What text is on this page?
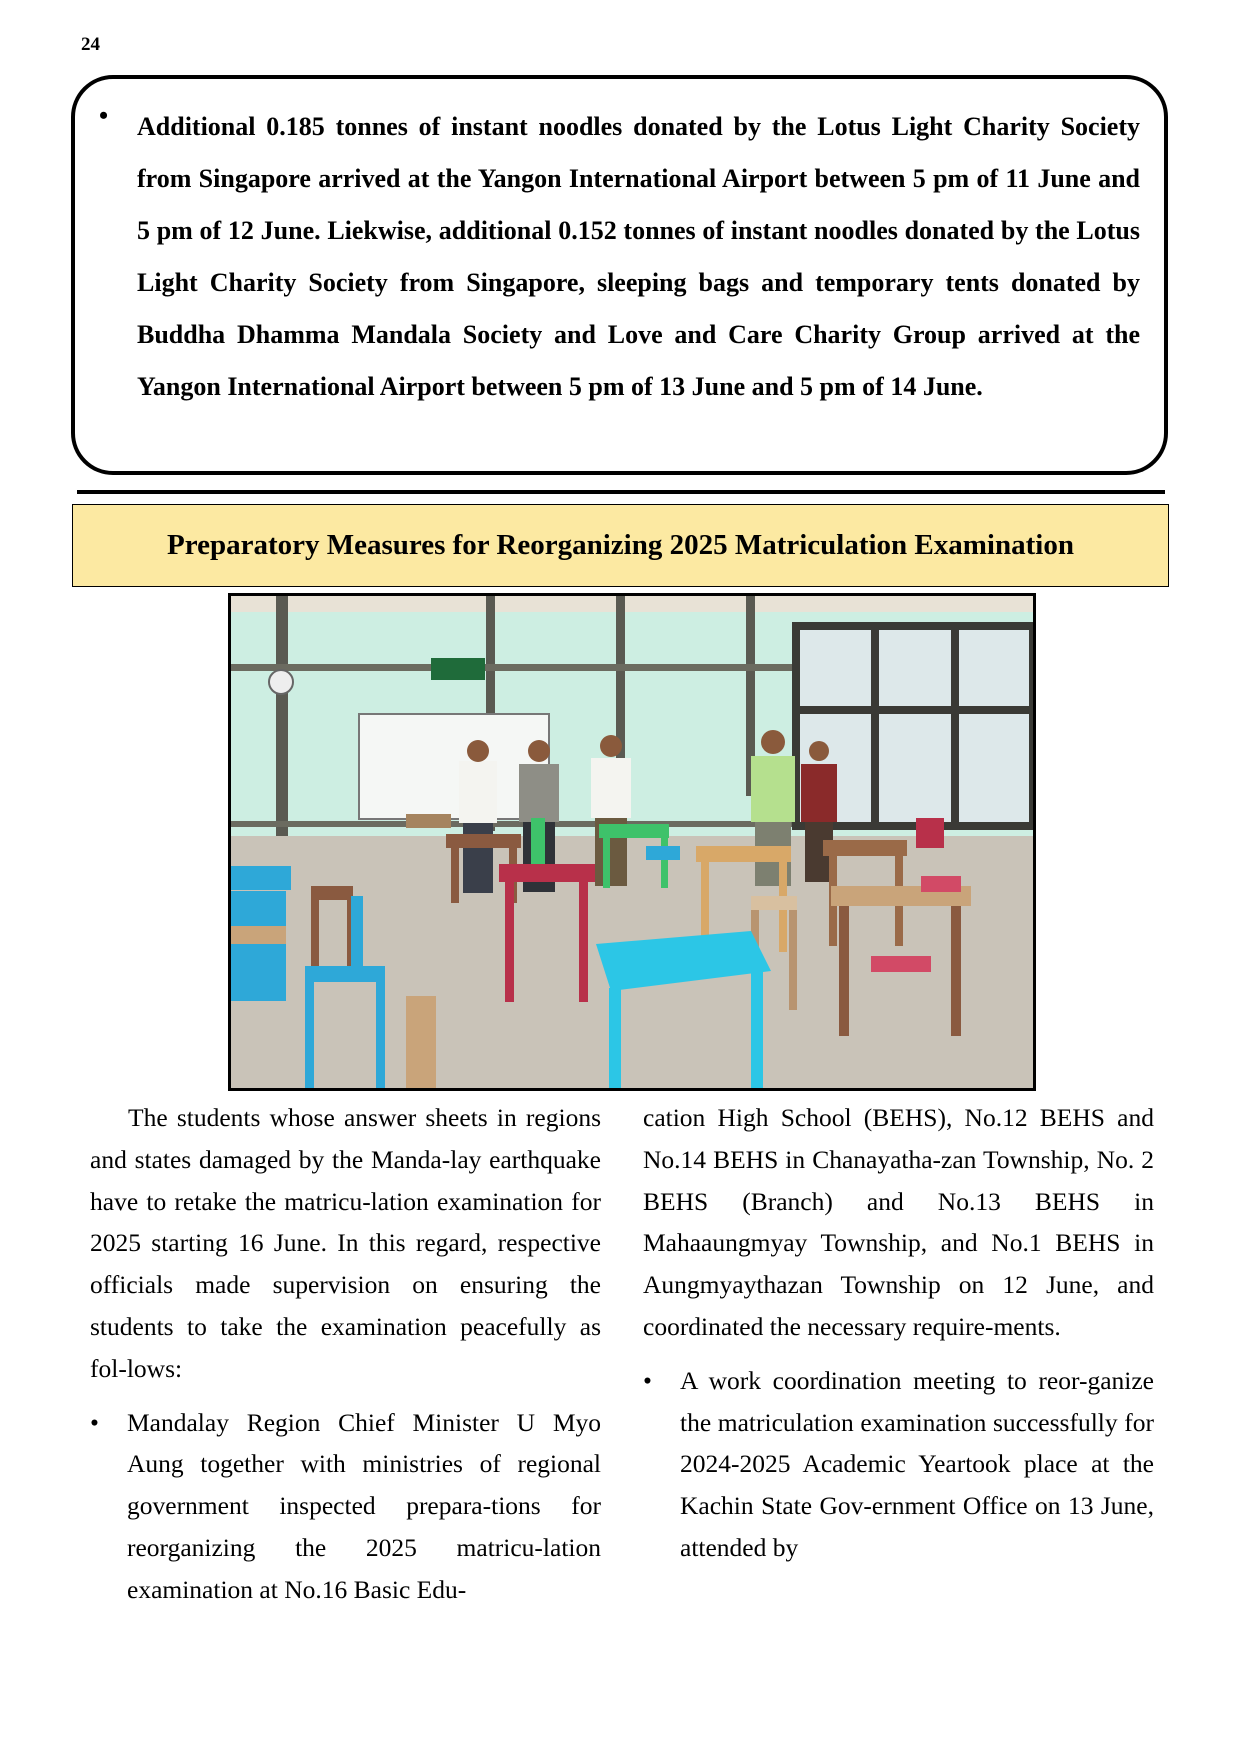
24
• Additional 0.185 tonnes of instant noodles donated by the Lotus Light Charity Society from Singapore arrived at the Yangon International Airport between 5 pm of 11 June and 5 pm of 12 June. Liekwise, additional 0.152 tonnes of instant noodles donated by the Lotus Light Charity Society from Singapore, sleeping bags and temporary tents donated by Buddha Dhamma Mandala Society and Love and Care Charity Group arrived at the Yangon International Airport between 5 pm of 13 June and 5 pm of 14 June.
Preparatory Measures for Reorganizing 2025 Matriculation Examination

The students whose answer sheets in regions and states damaged by the Manda-lay earthquake have to retake the matricu-lation examination for 2025 starting 16 June. In this regard, respective officials made supervision on ensuring the students to take the examination peacefully as fol-lows:

• Mandalay Region Chief Minister U Myo Aung together with ministries of regional government inspected prepara-tions for reorganizing the 2025 matricu-lation examination at No.16 Basic Edu-

cation High School (BEHS), No.12 BEHS and No.14 BEHS in Chanayatha-zan Township, No. 2 BEHS (Branch) and No.13 BEHS in Mahaaungmyay Township, and No.1 BEHS in Aungmyaythazan Township on 12 June, and coordinated the necessary require-ments.

• A work coordination meeting to reor-ganize the matriculation examination successfully for 2024-2025 Academic Yeartook place at the Kachin State Gov-ernment Office on 13 June, attended by
